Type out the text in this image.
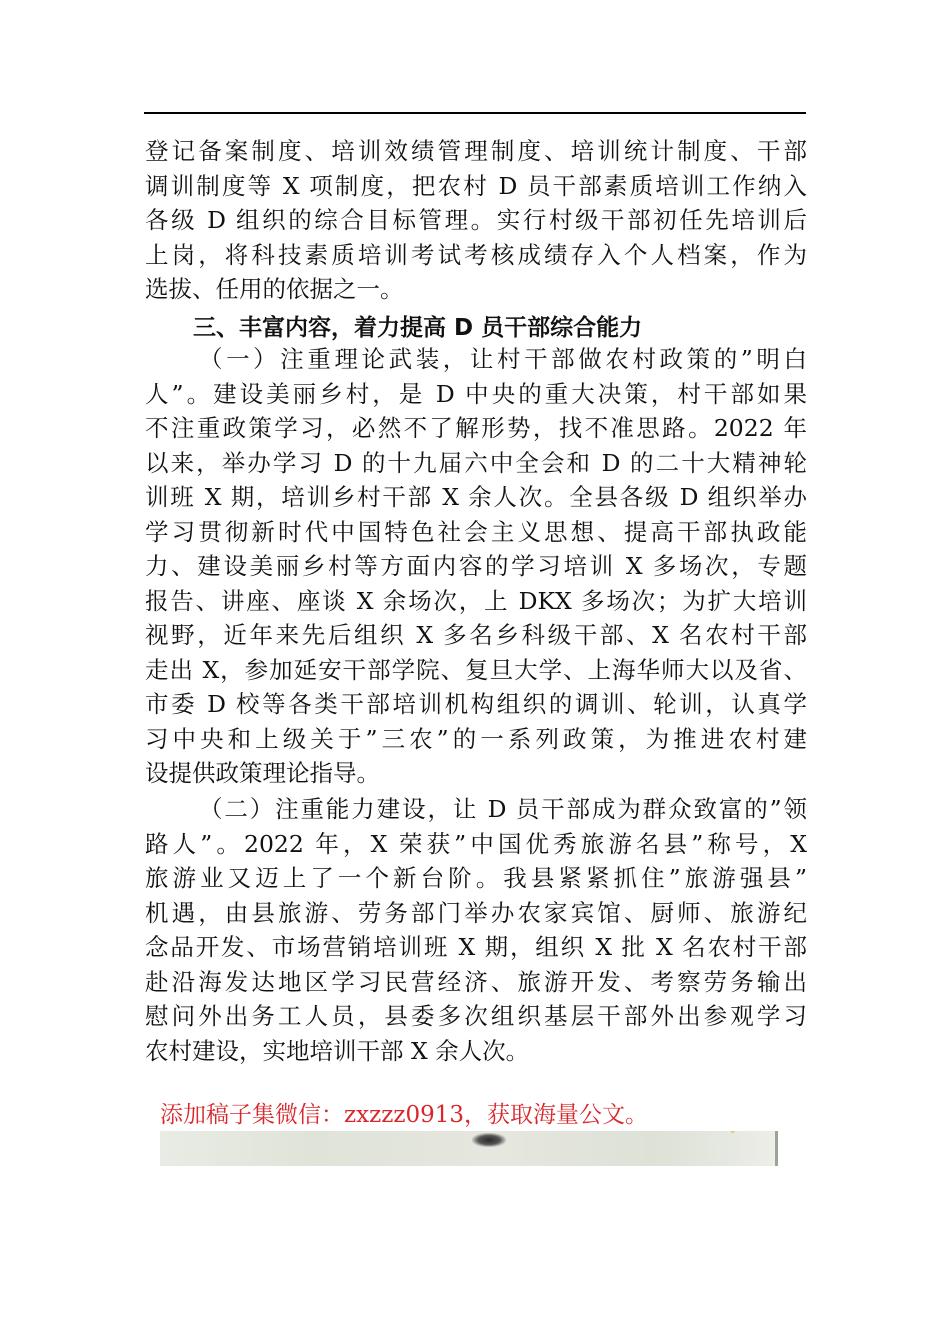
登记备案制度、培训效绩管理制度、培训统计制度、干部
调训制度等 X 项制度，把农村 D 员干部素质培训工作纳入
各级 D 组织的综合目标管理。实行村级干部初任先培训后
上岗，将科技素质培训考试考核成绩存入个人档案，作为
选拔、任用的依据之一。
三、丰富内容，着力提高 D 员干部综合能力
（一）注重理论武装，让村干部做农村政策的”明白
人”。建设美丽乡村，是 D 中央的重大决策，村干部如果
不注重政策学习，必然不了解形势，找不准思路。2022 年
以来，举办学习 D 的十九届六中全会和 D 的二十大精神轮
训班 X 期，培训乡村干部 X 余人次。全县各级 D 组织举办
学习贯彻新时代中国特色社会主义思想、提高干部执政能
力、建设美丽乡村等方面内容的学习培训 X 多场次，专题
报告、讲座、座谈 X 余场次，上 DKX 多场次；为扩大培训
视野，近年来先后组织 X 多名乡科级干部、X 名农村干部
走出 X，参加延安干部学院、复旦大学、上海华师大以及省、
市委 D 校等各类干部培训机构组织的调训、轮训，认真学
习中央和上级关于”三农”的一系列政策，为推进农村建
设提供政策理论指导。
（二）注重能力建设，让 D 员干部成为群众致富的”领
路人”。2022 年，X 荣获”中国优秀旅游名县”称号，X
旅游业又迈上了一个新台阶。我县紧紧抓住”旅游强县”
机遇，由县旅游、劳务部门举办农家宾馆、厨师、旅游纪
念品开发、市场营销培训班 X 期，组织 X 批 X 名农村干部
赴沿海发达地区学习民营经济、旅游开发、考察劳务输出
慰问外出务工人员，县委多次组织基层干部外出参观学习
农村建设，实地培训干部 X 余人次。
添加稿子集微信：zxzzz0913，获取海量公文。
